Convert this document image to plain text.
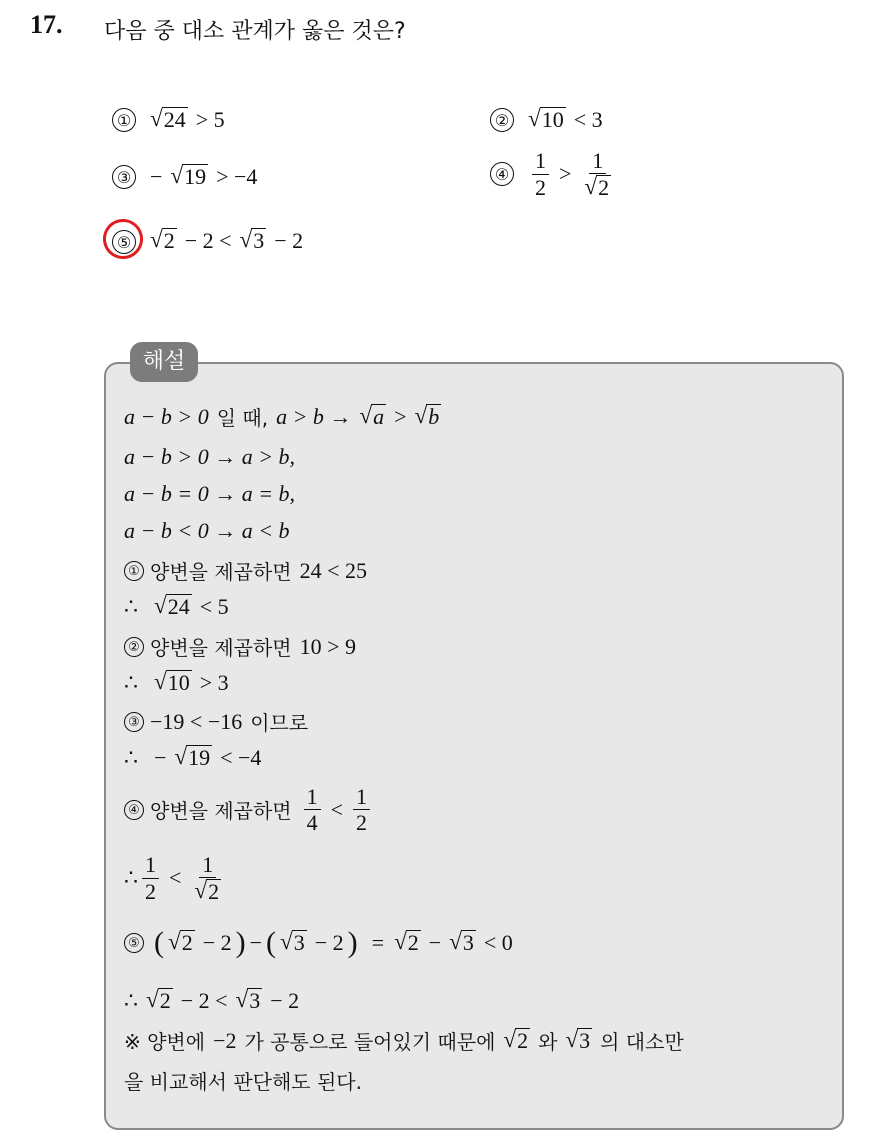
17. 다음 중 대소 관계가 옳은 것은?
① √ 24 > 5	② √ 10 < 3
③ − √ 19 > −4	④ $\frac{1}{2} > \frac{1}{√ 2}$
⑤ √ 2 − 2 < √ 3 − 2
해설
a − b > 0 일 때, a > b → √ a > √ b
a − b > 0 → a > b,
a − b = 0 → a = b,
a − b < 0 → a < b
① 양변을 제곱하면 24 < 25
∴ √ 24 < 5
② 양변을 제곱하면 10 > 9
∴ √ 10 > 3
③ −19 < −16 이므로
∴ − √ 19 < −4
④ 양변을 제곱하면 $\frac{1}{4} < \frac{1}{2}$
∴ $\frac{1}{2} < \frac{1}{√ 2}$
⑤ ( √ 2 − 2 ) − ( √ 3 − 2 ) = √ 2 − √ 3 < 0
∴ √ 2 − 2 < √ 3 − 2
※ 양변에 −2 가 공통으로 들어있기 때문에 √ 2 와 √ 3 의 대소만
을 비교해서 판단해도 된다.
